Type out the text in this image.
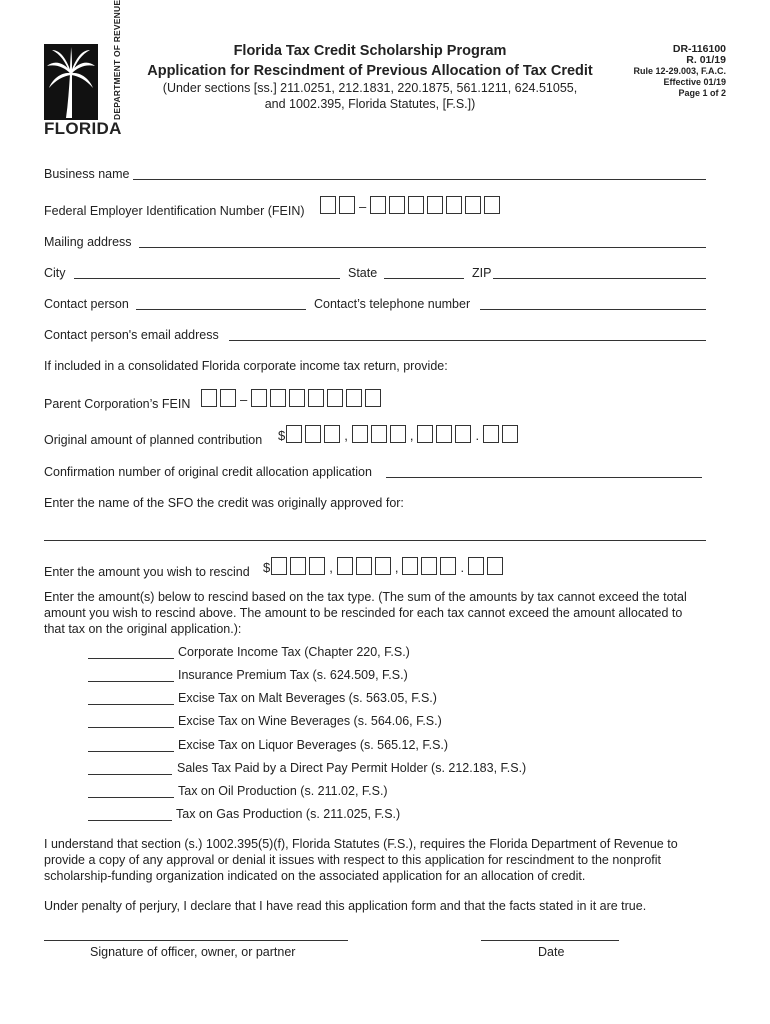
DEPARTMENT OF REVENUE
FLORIDA
Florida Tax Credit Scholarship Program
Application for Rescindment of Previous Allocation of Tax Credit
(Under sections [ss.] 211.0251, 212.1831, 220.1875, 561.1211, 624.51055,
and 1002.395, Florida Statutes, [F.S.])
DR-116100
R. 01/19
Rule 12-29.003, F.A.C.
Effective 01/19
Page 1 of 2
Business name
Federal Employer Identification Number (FEIN)	–
Mailing address
City	State	ZIP
Contact person	Contact’s telephone number
Contact person's email address
If included in a consolidated Florida corporate income tax return, provide:
Parent Corporation’s FEIN	–
Original amount of planned contribution $	,	,	.
Confirmation number of original credit allocation application
Enter the name of the SFO the credit was originally approved for:
Enter the amount you wish to rescind $	,	,	.
Enter the amount(s) below to rescind based on the tax type. (The sum of the amounts by tax cannot exceed the total
amount you wish to rescind above. The amount to be rescinded for each tax cannot exceed the amount allocated to
that tax on the original application.):
Corporate Income Tax (Chapter 220, F.S.)
Insurance Premium Tax (s. 624.509, F.S.)
Excise Tax on Malt Beverages (s. 563.05, F.S.)
Excise Tax on Wine Beverages (s. 564.06, F.S.)
Excise Tax on Liquor Beverages (s. 565.12, F.S.)
Sales Tax Paid by a Direct Pay Permit Holder (s. 212.183, F.S.)
Tax on Oil Production (s. 211.02, F.S.)
Tax on Gas Production (s. 211.025, F.S.)
I understand that section (s.) 1002.395(5)(f), Florida Statutes (F.S.), requires the Florida Department of Revenue to
provide a copy of any approval or denial it issues with respect to this application for rescindment to the nonprofit
scholarship-funding organization indicated on the associated application for an allocation of credit.
Under penalty of perjury, I declare that I have read this application form and that the facts stated in it are true.
Signature of officer, owner, or partner	Date
